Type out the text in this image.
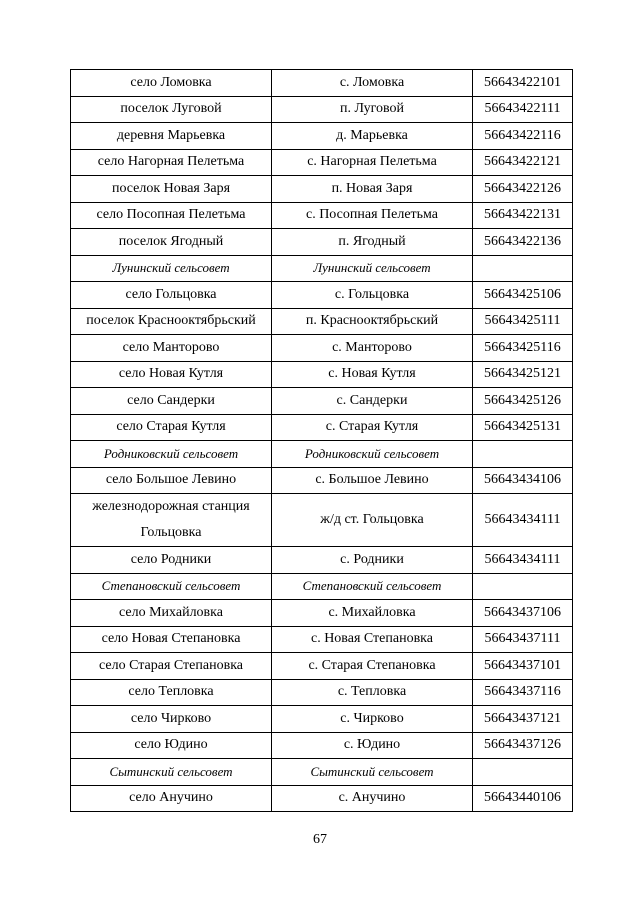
село Ломовка	с. Ломовка	56643422101
поселок Луговой	п. Луговой	56643422111
деревня Марьевка	д. Марьевка	56643422116
село Нагорная Пелетьма	с. Нагорная Пелетьма	56643422121
поселок Новая Заря	п. Новая Заря	56643422126
село Посопная Пелетьма	с. Посопная Пелетьма	56643422131
поселок Ягодный	п. Ягодный	56643422136
Лунинский сельсовет	Лунинский сельсовет	
село Гольцовка	с. Гольцовка	56643425106
поселок Краснооктябрьский	п. Краснооктябрьский	56643425111
село Манторово	с. Манторово	56643425116
село Новая Кутля	с. Новая Кутля	56643425121
село Сандерки	с. Сандерки	56643425126
село Старая Кутля	с. Старая Кутля	56643425131
Родниковский сельсовет	Родниковский сельсовет	
село Большое Левино	с. Большое Левино	56643434106
железнодорожная станция Гольцовка	ж/д ст. Гольцовка	56643434111
село Родники	с. Родники	56643434111
Степановский сельсовет	Степановский сельсовет	
село Михайловка	с. Михайловка	56643437106
село Новая Степановка	с. Новая Степановка	56643437111
село Старая Степановка	с. Старая Степановка	56643437101
село Тепловка	с. Тепловка	56643437116
село Чирково	с. Чирково	56643437121
село Юдино	с. Юдино	56643437126
Сытинский сельсовет	Сытинский сельсовет	
село Анучино	с. Анучино	56643440106
67
